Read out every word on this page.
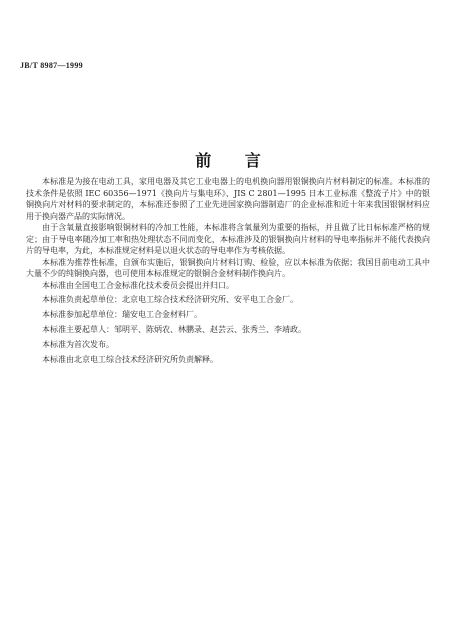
JB/T 8987—1999
前 言

本标准是为接在电动工具，家用电器及其它工业电器上的电机换向器用银铜换向片材料制定的标准。本标准的技术条件是依照 IEC 60356—1971《换向片与集电环》、JIS C 2801—1995 日本工业标准《整流子片》中的银铜换向片对材料的要求制定的，本标准还参照了工业先进国家换向器制造厂的企业标准和近十年来我国银铜材料应用于换向器产品的实际情况。

由于含氧量直接影响银铜材料的冷加工性能，本标准将含氧量列为重要的指标，并且做了比日标标准严格的规定；由于导电率随冷加工率和热处理状态不同而变化，本标准涉及的银铜换向片材料的导电率指标并不能代表换向片的导电率，为此，本标准规定材料是以退火状态的导电率作为考核依据。

本标准为推荐性标准，自颁布实施后，银铜换向片材料订购、检验，应以本标准为依据；我国目前电动工具中大量不少的纯铜换向器，也可使用本标准规定的银铜合金材料制作换向片。

本标准由全国电工合金标准化技术委员会提出并归口。
本标准负责起草单位：北京电工综合技术经济研究所、安平电工合金厂。
本标准参加起草单位：瑞安电工合金材料厂。
本标准主要起草人：邹明平、陈炳农、林鹏录、赵芸云、张秀兰、李靖政。
本标准为首次发布。
本标准由北京电工综合技术经济研究所负责解释。
